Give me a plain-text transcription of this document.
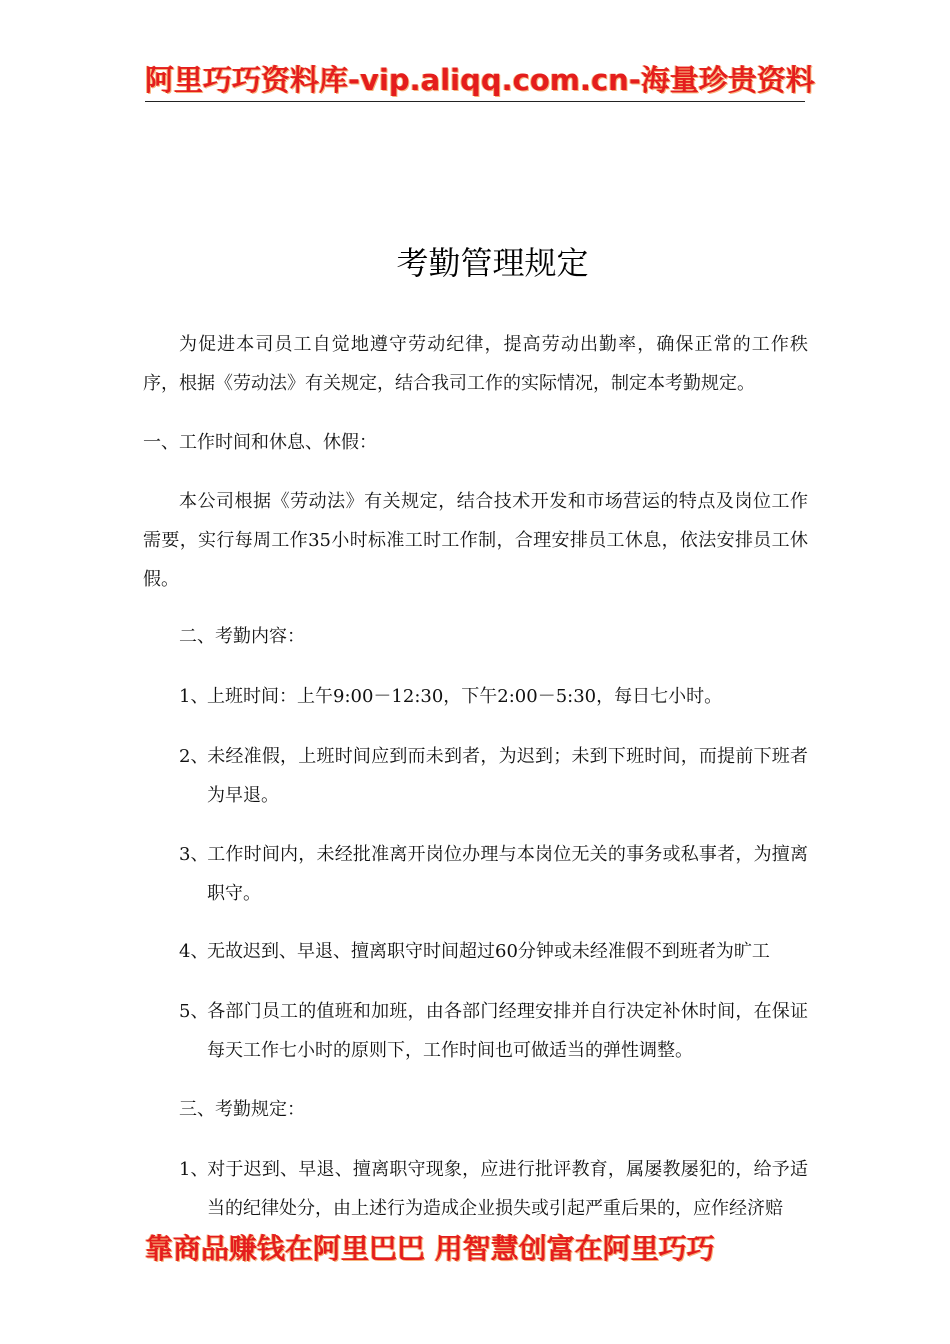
阿里巧巧资料库-vip.aliqq.com.cn-海量珍贵资料
考勤管理规定

为促进本司员工自觉地遵守劳动纪律，提高劳动出勤率，确保正常的工作秩序，根据《劳动法》有关规定，结合我司工作的实际情况，制定本考勤规定。

一、工作时间和休息、休假：

本公司根据《劳动法》有关规定，结合技术开发和市场营运的特点及岗位工作需要，实行每周工作35小时标准工时工作制，合理安排员工休息，依法安排员工休假。

二、考勤内容：

1、上班时间：上午9:00－12:30，下午2:00－5:30，每日七小时。

2、未经准假，上班时间应到而未到者，为迟到；未到下班时间，而提前下班者为早退。

3、工作时间内，未经批准离开岗位办理与本岗位无关的事务或私事者，为擅离职守。

4、无故迟到、早退、擅离职守时间超过60分钟或未经准假不到班者为旷工

5、各部门员工的值班和加班，由各部门经理安排并自行决定补休时间，在保证每天工作七小时的原则下，工作时间也可做适当的弹性调整。

三、考勤规定：

1、对于迟到、早退、擅离职守现象，应进行批评教育，属屡教屡犯的，给予适当的纪律处分，由上述行为造成企业损失或引起严重后果的，应作经济赔

靠商品赚钱在阿里巴巴 用智慧创富在阿里巧巧
